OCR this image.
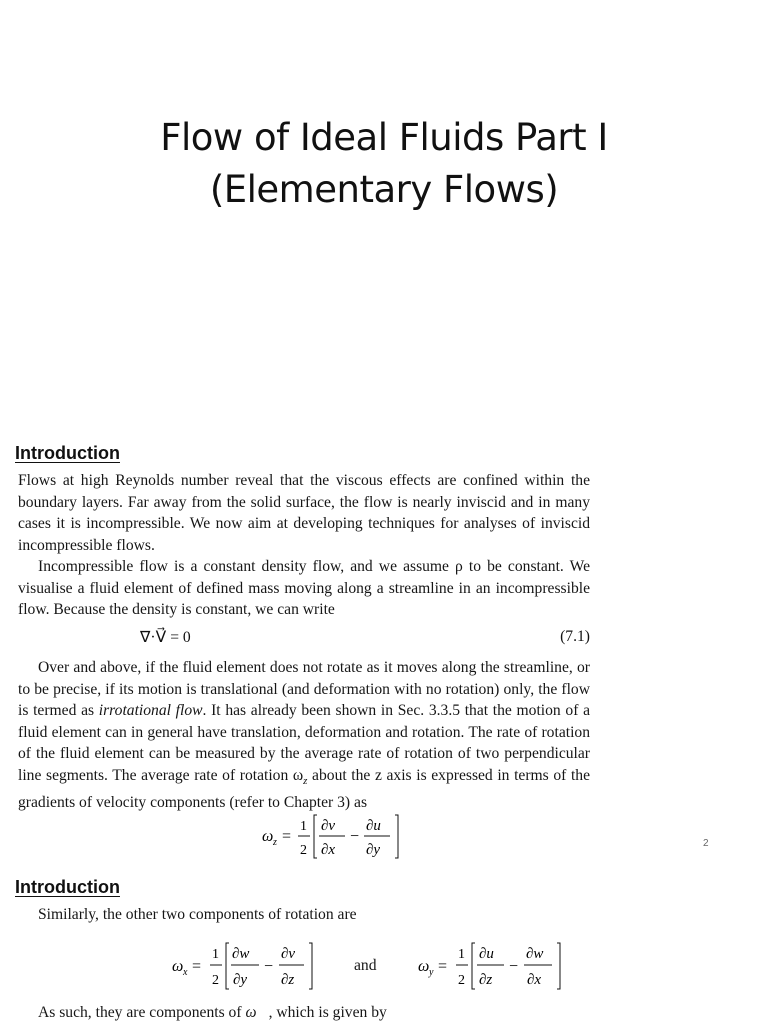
Flow of Ideal Fluids Part I
(Elementary Flows)
Introduction

Flows at high Reynolds number reveal that the viscous effects are confined within the boundary layers. Far away from the solid surface, the flow is nearly inviscid and in many cases it is incompressible. We now aim at developing techniques for analyses of inviscid incompressible flows.

Incompressible flow is a constant density flow, and we assume ρ to be constant. We visualise a fluid element of defined mass moving along a streamline in an incompressible flow. Because the density is constant, we can write

∇·V⃗ = 0	(7.1)

Over and above, if the fluid element does not rotate as it moves along the streamline, or to be precise, if its motion is translational (and deformation with no rotation) only, the flow is termed as irrotational flow. It has already been shown in Sec. 3.3.5 that the motion of a fluid element can in general have translation, deformation and rotation. The rate of rotation of the fluid element can be measured by the average rate of rotation of two perpendicular line segments. The average rate of rotation $\omega_z$ about the z axis is expressed in terms of the gradients of velocity components (refer to Chapter 3) as

ω z =
1
2
∂v
∂x
−
∂u
∂y	2
Introduction
Similarly, the other two components of rotation are
ω x =
1
2
∂w
∂y
−
∂v
∂z
and	ω y =
1
2
∂u
∂z
−
∂w
∂x
As such, they are components of ω⃗, which is given by
